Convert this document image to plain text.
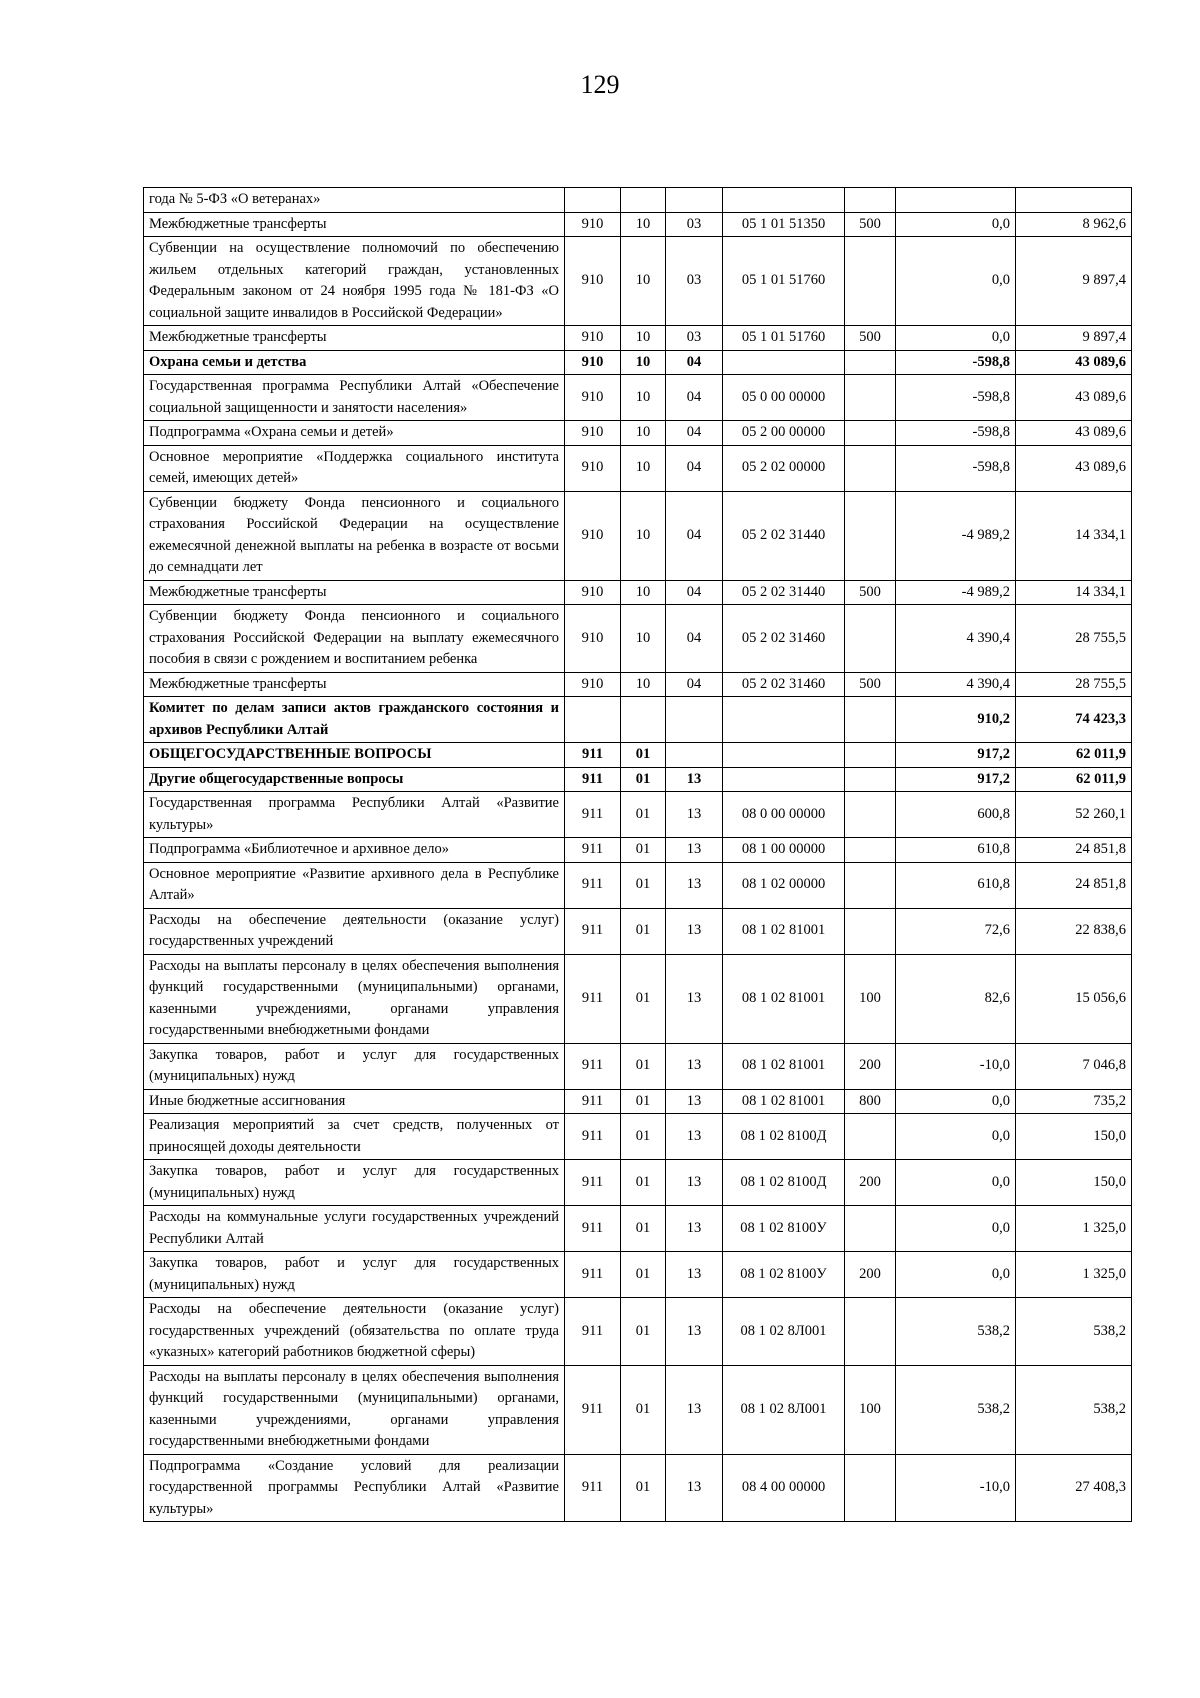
129
года № 5-ФЗ «О ветеранах»							
Межбюджетные трансферты	910	10	03	05 1 01 51350	500	0,0	8 962,6
Субвенции на осуществление полномочий по обеспечению жильем отдельных категорий граждан, установленных Федеральным законом от 24 ноября 1995 года № 181-ФЗ «О социальной защите инвалидов в Российской Федерации»	910	10	03	05 1 01 51760		0,0	9 897,4
Межбюджетные трансферты	910	10	03	05 1 01 51760	500	0,0	9 897,4
Охрана семьи и детства	910	10	04			-598,8	43 089,6
Государственная программа Республики Алтай «Обеспечение социальной защищенности и занятости населения»	910	10	04	05 0 00 00000		-598,8	43 089,6
Подпрограмма «Охрана семьи и детей»	910	10	04	05 2 00 00000		-598,8	43 089,6
Основное мероприятие «Поддержка социального института семей, имеющих детей»	910	10	04	05 2 02 00000		-598,8	43 089,6
Субвенции бюджету Фонда пенсионного и социального страхования Российской Федерации на осуществление ежемесячной денежной выплаты на ребенка в возрасте от восьми до семнадцати лет	910	10	04	05 2 02 31440		-4 989,2	14 334,1
Межбюджетные трансферты	910	10	04	05 2 02 31440	500	-4 989,2	14 334,1
Субвенции бюджету Фонда пенсионного и социального страхования Российской Федерации на выплату ежемесячного пособия в связи с рождением и воспитанием ребенка	910	10	04	05 2 02 31460		4 390,4	28 755,5
Межбюджетные трансферты	910	10	04	05 2 02 31460	500	4 390,4	28 755,5
Комитет по делам записи актов гражданского состояния и архивов Республики Алтай						910,2	74 423,3
ОБЩЕГОСУДАРСТВЕННЫЕ ВОПРОСЫ	911	01				917,2	62 011,9
Другие общегосударственные вопросы	911	01	13			917,2	62 011,9
Государственная программа Республики Алтай «Развитие культуры»	911	01	13	08 0 00 00000		600,8	52 260,1
Подпрограмма «Библиотечное и архивное дело»	911	01	13	08 1 00 00000		610,8	24 851,8
Основное мероприятие «Развитие архивного дела в Республике Алтай»	911	01	13	08 1 02 00000		610,8	24 851,8
Расходы на обеспечение деятельности (оказание услуг) государственных учреждений	911	01	13	08 1 02 81001		72,6	22 838,6
Расходы на выплаты персоналу в целях обеспечения выполнения функций государственными (муниципальными) органами, казенными учреждениями, органами управления государственными внебюджетными фондами	911	01	13	08 1 02 81001	100	82,6	15 056,6
Закупка товаров, работ и услуг для государственных (муниципальных) нужд	911	01	13	08 1 02 81001	200	-10,0	7 046,8
Иные бюджетные ассигнования	911	01	13	08 1 02 81001	800	0,0	735,2
Реализация мероприятий за счет средств, полученных от приносящей доходы деятельности	911	01	13	08 1 02 8100Д		0,0	150,0
Закупка товаров, работ и услуг для государственных (муниципальных) нужд	911	01	13	08 1 02 8100Д	200	0,0	150,0
Расходы на коммунальные услуги государственных учреждений Республики Алтай	911	01	13	08 1 02 8100У		0,0	1 325,0
Закупка товаров, работ и услуг для государственных (муниципальных) нужд	911	01	13	08 1 02 8100У	200	0,0	1 325,0
Расходы на обеспечение деятельности (оказание услуг) государственных учреждений (обязательства по оплате труда «указных» категорий работников бюджетной сферы)	911	01	13	08 1 02 8Л001		538,2	538,2
Расходы на выплаты персоналу в целях обеспечения выполнения функций государственными (муниципальными) органами, казенными учреждениями, органами управления государственными внебюджетными фондами	911	01	13	08 1 02 8Л001	100	538,2	538,2
Подпрограмма «Создание условий для реализации государственной программы Республики Алтай «Развитие культуры»	911	01	13	08 4 00 00000		-10,0	27 408,3
